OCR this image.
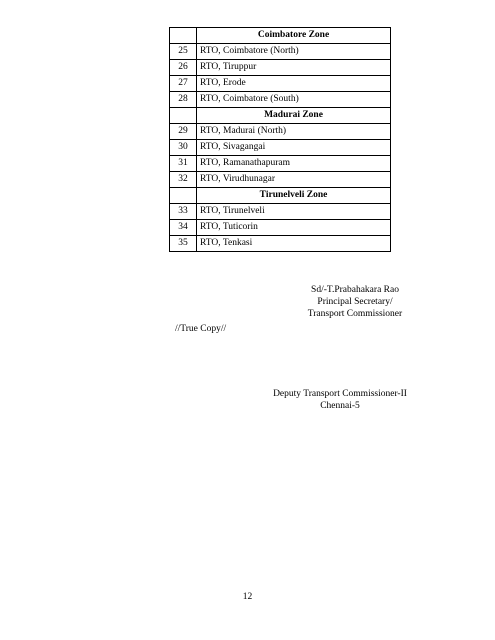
	Coimbatore Zone
25	RTO, Coimbatore (North)
26	RTO, Tiruppur
27	RTO, Erode
28	RTO, Coimbatore (South)
	Madurai Zone
29	RTO, Madurai (North)
30	RTO, Sivagangai
31	RTO, Ramanathapuram
32	RTO, Virudhunagar
	Tirunelveli Zone
33	RTO, Tirunelveli
34	RTO, Tuticorin
35	RTO, Tenkasi
Sd/-T.Prabahakara Rao
Principal Secretary/
Transport Commissioner
//True Copy//
Deputy Transport Commissioner-II
Chennai-5
12
